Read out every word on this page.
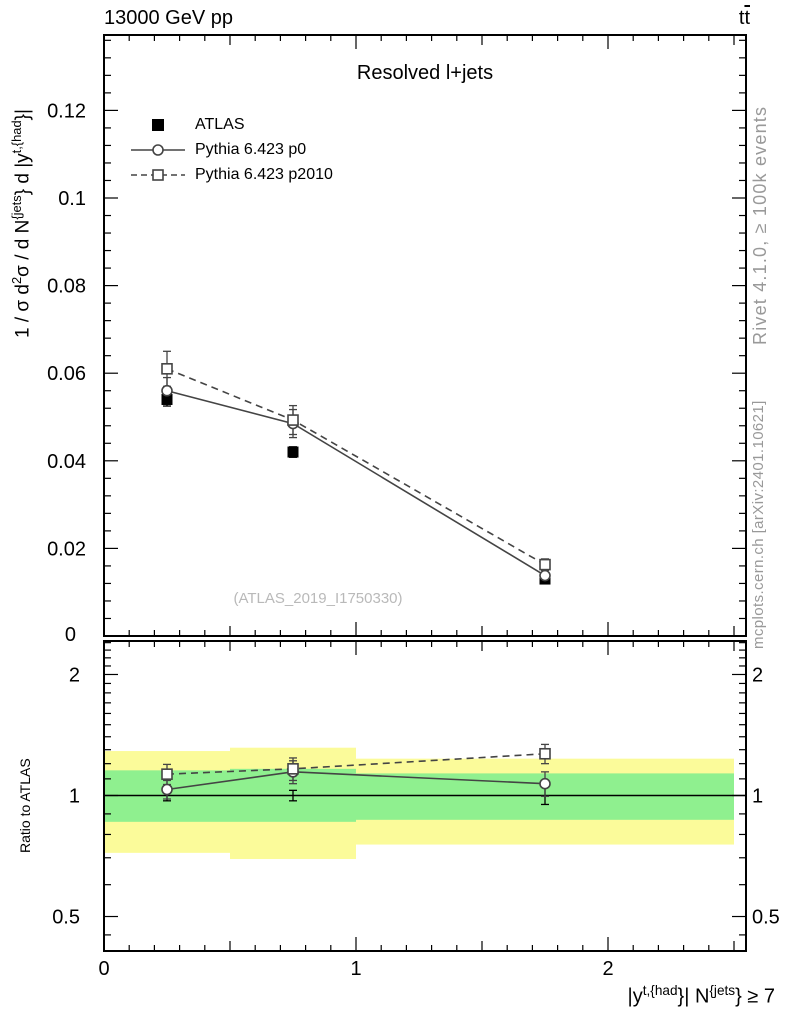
0
0.02
0.04
0.06
0.08
0.1
0.12
0.5	0.5
1	1
2	2
0	1	2
13000 GeV pp	$t\overline{t}$
Resolved l+jets
ATLAS
Pythia 6.423 p0
Pythia 6.423 p2010
1 / σ $d^2\sigma$ / d $N^{\{jets}$} d $|y^{t,\{had}\}|$
Ratio to ATLAS
(ATLAS_2019_I1750330)
Rivet 4.1.0, ≥ 100k events
mcplots.cern.ch [arXiv:2401.10621]
$|y^{t,\{had}\}|$ $N^{\{jets}\} \ge 7$
